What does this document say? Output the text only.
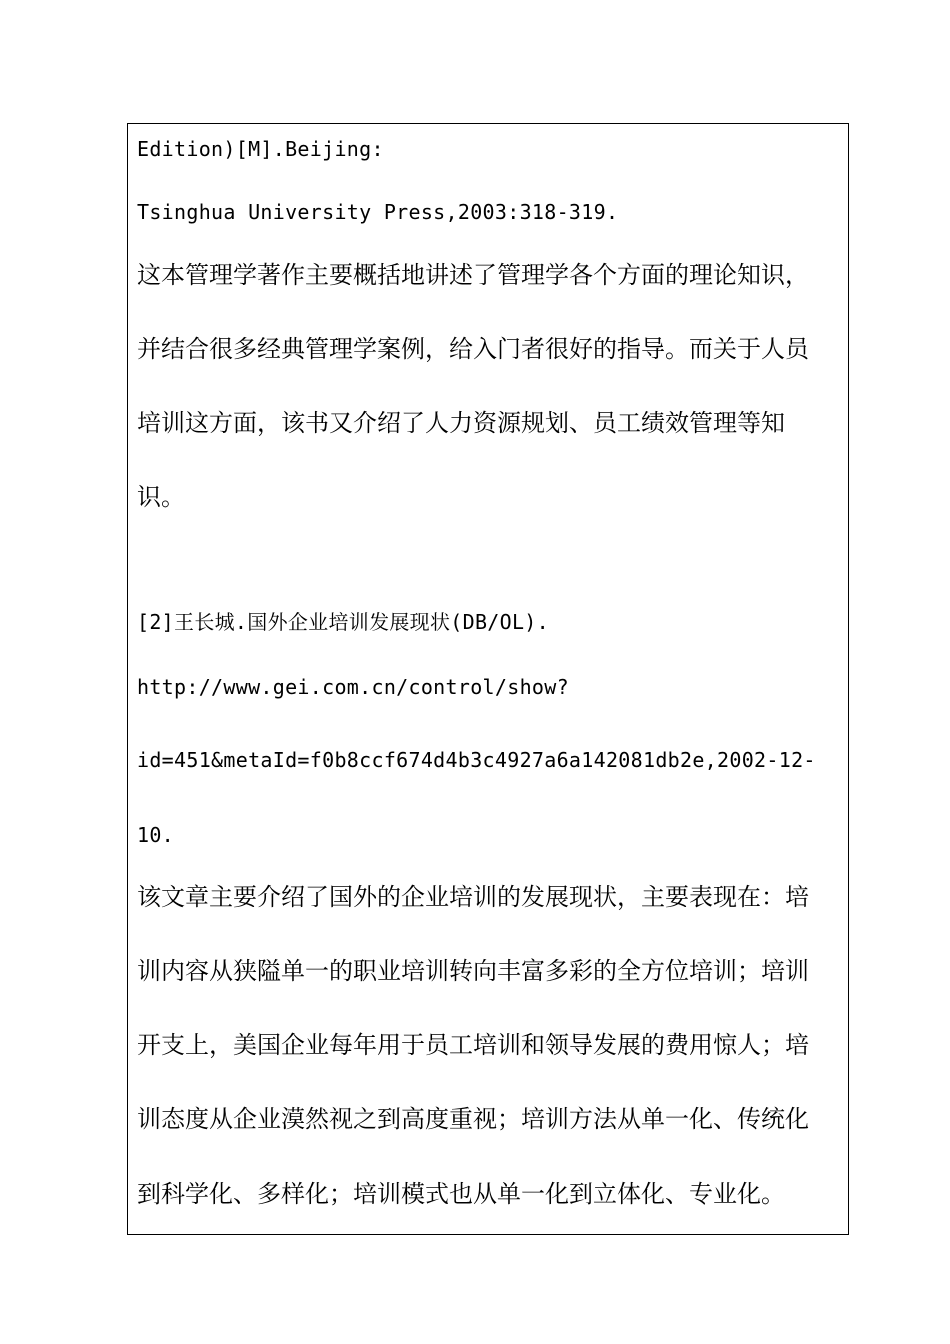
Edition)[M].Beijing:
Tsinghua University Press,2003:318-319.
这本管理学著作主要概括地讲述了管理学各个方面的理论知识，
并结合很多经典管理学案例，给入门者很好的指导。而关于人员
培训这方面，该书又介绍了人力资源规划、员工绩效管理等知
识。
[2]王长城.国外企业培训发展现状(DB/OL).
http://www.gei.com.cn/control/show?
id=451&metaId=f0b8ccf674d4b3c4927a6a142081db2e,2002-12-
10.
该文章主要介绍了国外的企业培训的发展现状，主要表现在：培
训内容从狭隘单一的职业培训转向丰富多彩的全方位培训；培训
开支上，美国企业每年用于员工培训和领导发展的费用惊人；培
训态度从企业漠然视之到高度重视；培训方法从单一化、传统化
到科学化、多样化；培训模式也从单一化到立体化、专业化。
